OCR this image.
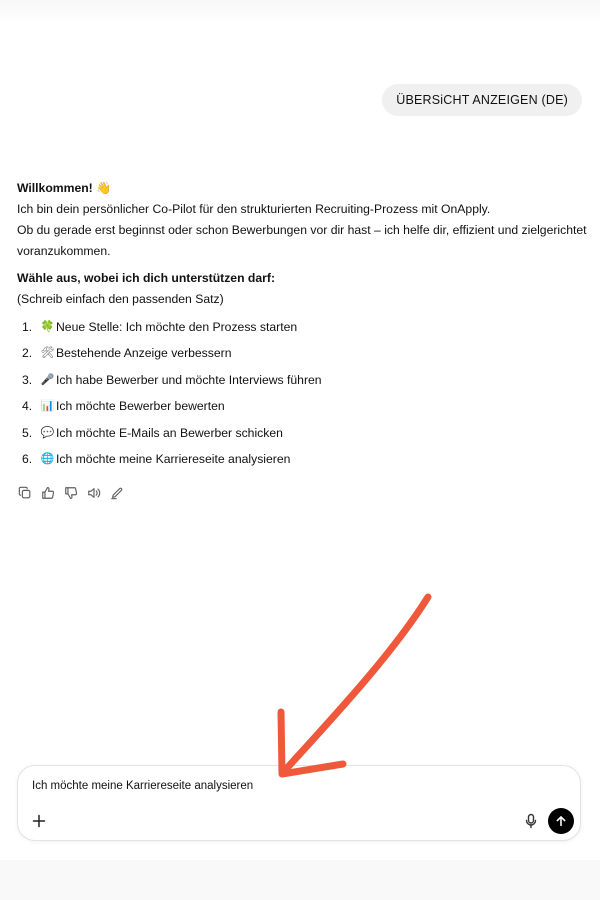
ÜBERSiCHT ANZEIGEN (DE)

Willkommen! 👋

Ich bin dein persönlicher Co-Pilot für den strukturierten Recruiting-Prozess mit OnApply.

Ob du gerade erst beginnst oder schon Bewerbungen vor dir hast – ich helfe dir, effizient und zielgerichtet voranzukommen.

Wähle aus, wobei ich dich unterstützen darf:

(Schreib einfach den passenden Satz)

1. 🍀 Neue Stelle: Ich möchte den Prozess starten
2. 🛠 Bestehende Anzeige verbessern
3. 🎤 Ich habe Bewerber und möchte Interviews führen
4. 📊 Ich möchte Bewerber bewerten
5. 💬 Ich möchte E-Mails an Bewerber schicken
6. 🌐 Ich möchte meine Karriereseite analysieren
Ich möchte meine Karriereseite analysieren
